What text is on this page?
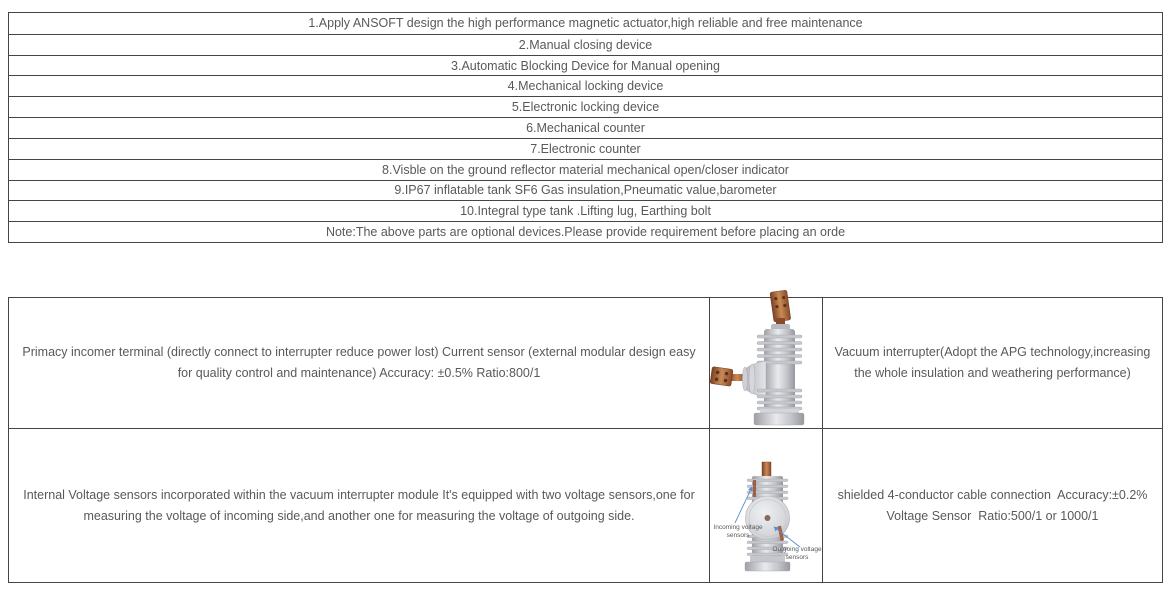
1.Apply ANSOFT design the high performance magnetic actuator,high reliable and free maintenance
2.Manual closing device
3.Automatic Blocking Device for Manual opening
4.Mechanical locking device
5.Electronic locking device
6.Mechanical counter
7.Electronic counter
8.Visble on the ground reflector material mechanical open/closer indicator
9.IP67 inflatable tank SF6 Gas insulation,Pneumatic value,barometer
10.Integral type tank .Lifting lug, Earthing bolt
Note:The above parts are optional devices.Please provide requirement before placing an orde
Primacy incomer terminal (directly connect to interrupter reduce power lost) Current sensor (external modular design easy for quality control and maintenance) Accuracy: ±0.5% Ratio:800/1
Vacuum interrupter(Adopt the APG technology,increasing
the whole insulation and weathering performance)
Internal Voltage sensors incorporated within the vacuum interrupter module It's equipped with two voltage sensors,one for measuring the voltage of incoming side,and another one for measuring the voltage of outgoing side.
Incoming voltage sensors
Outgoing voltage sensors
shielded 4-conductor cable connection  Accuracy:±0.2%
Voltage Sensor  Ratio:500/1 or 1000/1
